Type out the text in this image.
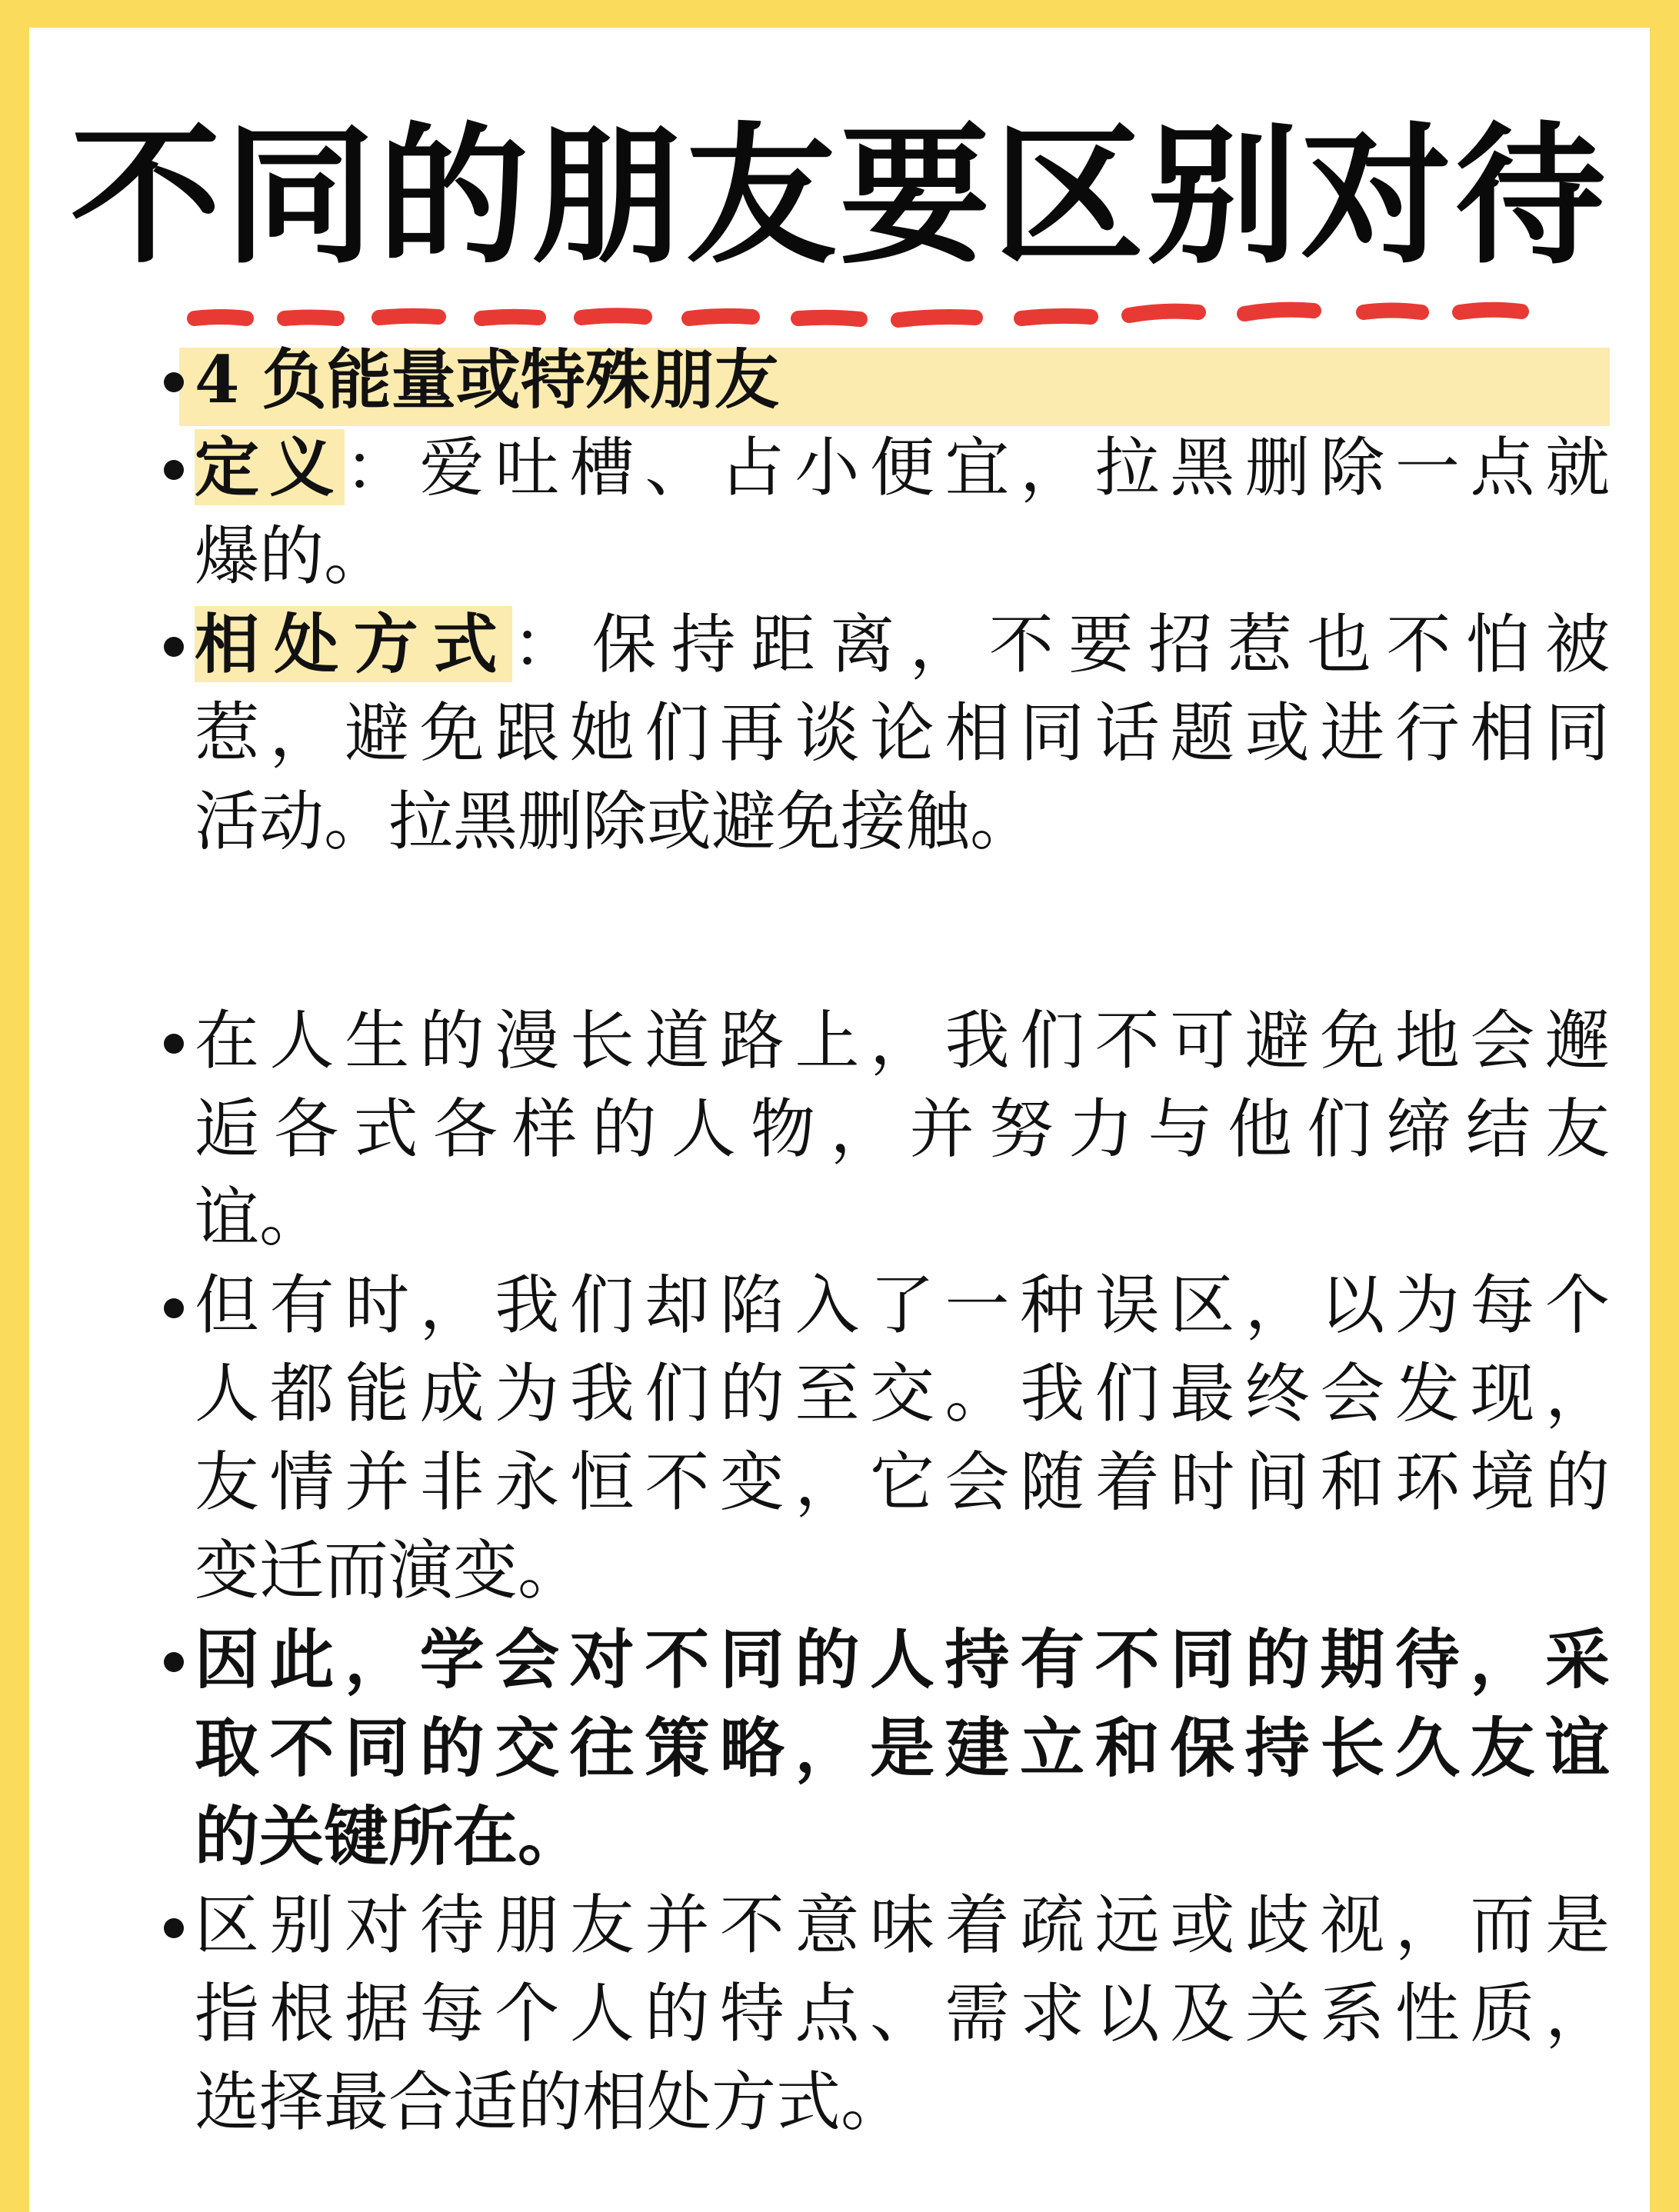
不同的朋友要区别对待
4 负能量或特殊朋友
定义：爱吐槽、占小便宜，拉黑删除一点就
爆的。
相处方式：保持距离，不要招惹也不怕被
惹，避免跟她们再谈论相同话题或进行相同
活动。拉黑删除或避免接触。
在人生的漫长道路上，我们不可避免地会邂
逅各式各样的人物，并努力与他们缔结友
谊。
但有时，我们却陷入了一种误区，以为每个
人都能成为我们的至交。我们最终会发现，
友情并非永恒不变，它会随着时间和环境的
变迁而演变。
因此，学会对不同的人持有不同的期待，采
取不同的交往策略，是建立和保持长久友谊
的关键所在。
区别对待朋友并不意味着疏远或歧视，而是
指根据每个人的特点、需求以及关系性质，
选择最合适的相处方式。
